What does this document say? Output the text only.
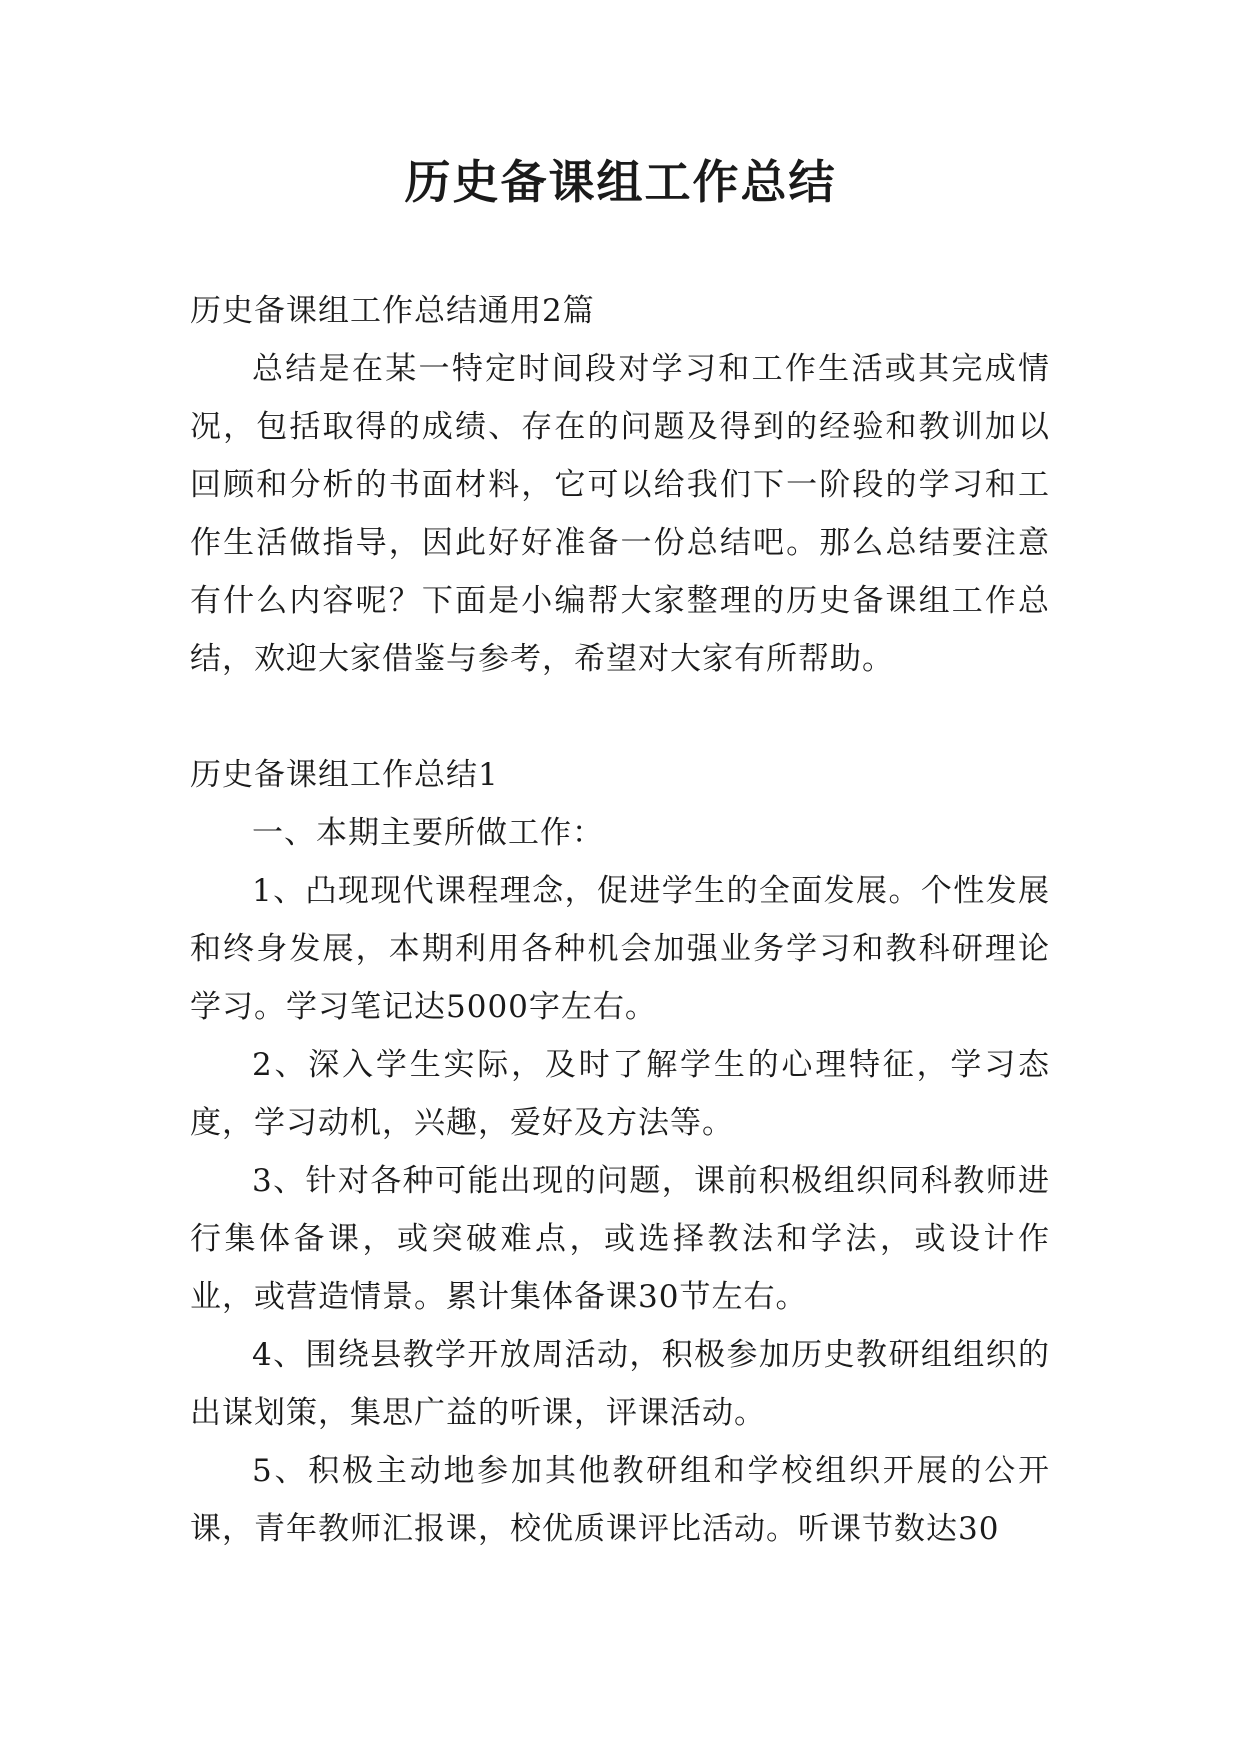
历史备课组工作总结

历史备课组工作总结通用2篇

总结是在某一特定时间段对学习和工作生活或其完成情况，包括取得的成绩、存在的问题及得到的经验和教训加以回顾和分析的书面材料，它可以给我们下一阶段的学习和工作生活做指导，因此好好准备一份总结吧。那么总结要注意有什么内容呢？下面是小编帮大家整理的历史备课组工作总结，欢迎大家借鉴与参考，希望对大家有所帮助。

历史备课组工作总结1

一、本期主要所做工作：

1、凸现现代课程理念，促进学生的全面发展。个性发展和终身发展，本期利用各种机会加强业务学习和教科研理论学习。学习笔记达5000字左右。

2、深入学生实际，及时了解学生的心理特征，学习态度，学习动机，兴趣，爱好及方法等。

3、针对各种可能出现的问题，课前积极组织同科教师进行集体备课，或突破难点，或选择教法和学法，或设计作业，或营造情景。累计集体备课30节左右。

4、围绕县教学开放周活动，积极参加历史教研组组织的出谋划策，集思广益的听课，评课活动。

5、积极主动地参加其他教研组和学校组织开展的公开课，青年教师汇报课，校优质课评比活动。听课节数达30
